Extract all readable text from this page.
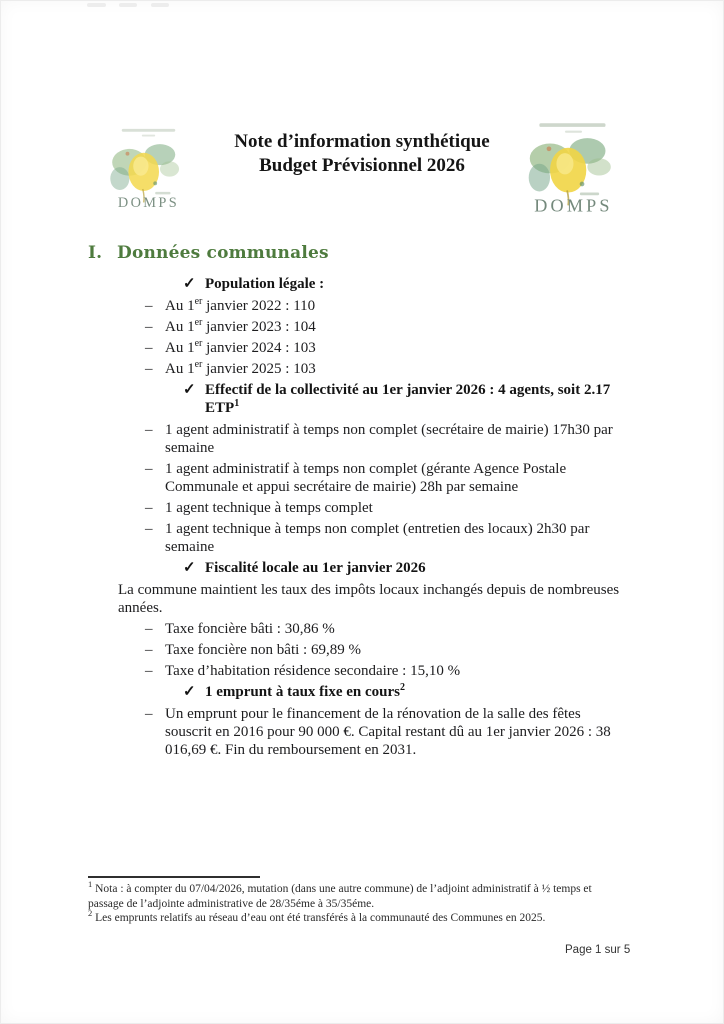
DOMPS
Note d’information synthétique
Budget Prévisionnel 2026
DOMPS
I. Données communales
✓ Population légale :
– Au 1er janvier 2022 : 110
– Au 1er janvier 2023 : 104
– Au 1er janvier 2024 : 103
– Au 1er janvier 2025 : 103
✓ Effectif de la collectivité au 1er janvier 2026 : 4 agents, soit 2.17 ETP$^1$
– 1 agent administratif à temps non complet (secrétaire de mairie) 17h30 par semaine
– 1 agent administratif à temps non complet (gérante Agence Postale Communale et appui secrétaire de mairie) 28h par semaine
– 1 agent technique à temps complet
– 1 agent technique à temps non complet (entretien des locaux) 2h30 par semaine
✓ Fiscalité locale au 1er janvier 2026
La commune maintient les taux des impôts locaux inchangés depuis de nombreuses années.
– Taxe foncière bâti : 30,86 %
– Taxe foncière non bâti : 69,89 %
– Taxe d’habitation résidence secondaire : 15,10 %
✓ 1 emprunt à taux fixe en cours$^2$
– Un emprunt pour le financement de la rénovation de la salle des fêtes souscrit en 2016 pour 90 000 €. Capital restant dû au 1er janvier 2026 : 38 016,69 €. Fin du remboursement en 2031.
$^1$ Nota : à compter du 07/04/2026, mutation (dans une autre commune) de l’adjoint administratif à ½ temps et passage de l’adjointe administrative de 28/35éme à 35/35éme.
$^2$ Les emprunts relatifs au réseau d’eau ont été transférés à la communauté des Communes en 2025.
Page 1 sur 5
